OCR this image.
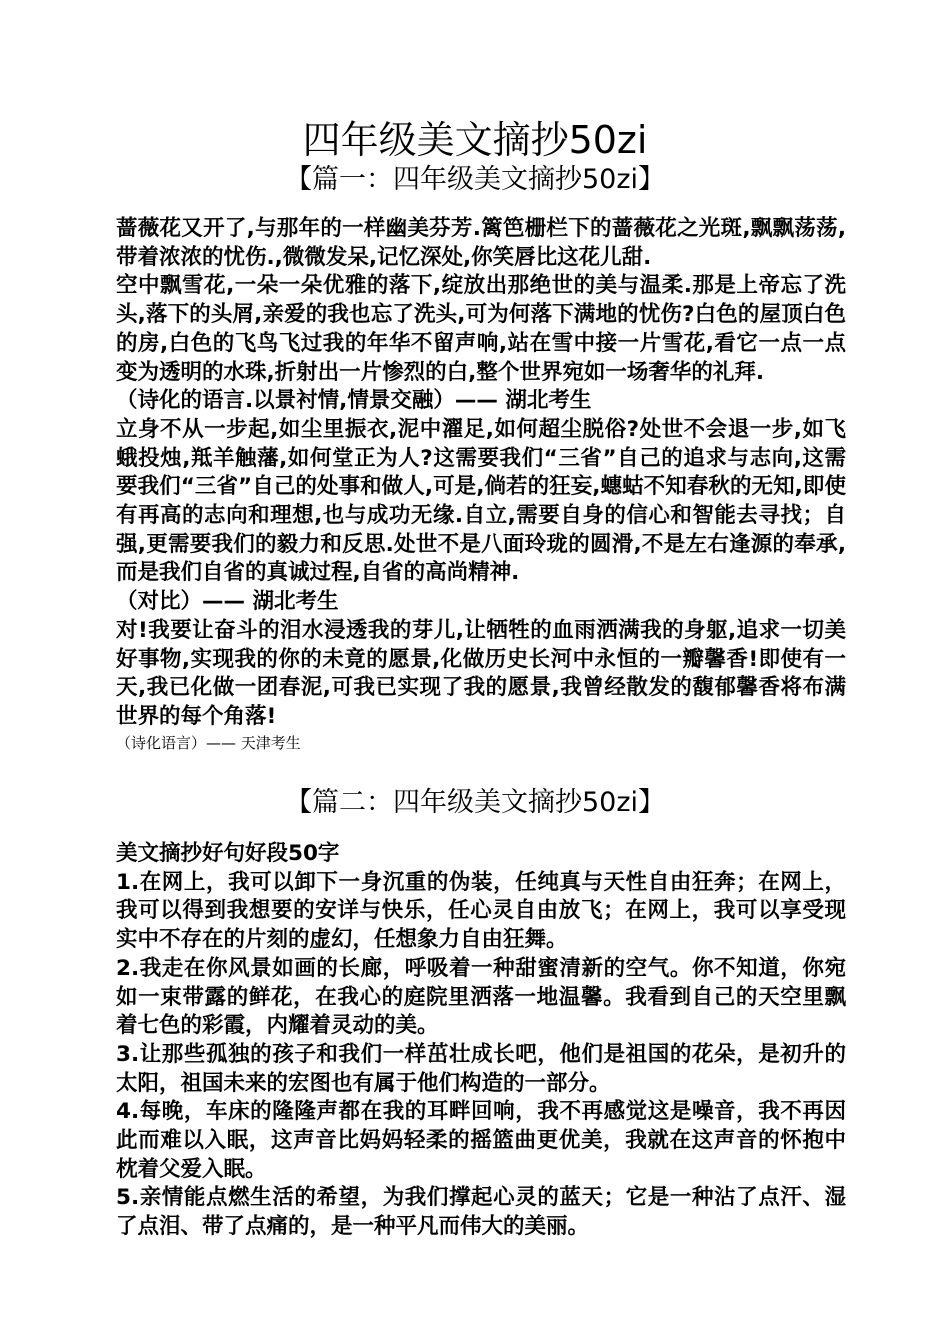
四年级美文摘抄50zi
【篇一：四年级美文摘抄50zi】

蔷薇花又开了,与那年的一样幽美芬芳.篱笆栅栏下的蔷薇花之光斑,飘飘荡荡,带着浓浓的忧伤.,微微发呆,记忆深处,你笑唇比这花儿甜.

空中飘雪花,一朵一朵优雅的落下,绽放出那绝世的美与温柔.那是上帝忘了洗头,落下的头屑,亲爱的我也忘了洗头,可为何落下满地的忧伤?白色的屋顶白色的房,白色的飞鸟飞过我的年华不留声响,站在雪中接一片雪花,看它一点一点变为透明的水珠,折射出一片惨烈的白,整个世界宛如一场奢华的礼拜.

（诗化的语言.以景衬情,情景交融）—— 湖北考生

立身不从一步起,如尘里振衣,泥中濯足,如何超尘脱俗?处世不会退一步,如飞蛾投烛,羝羊触藩,如何堂正为人?这需要我们“三省”自己的追求与志向,这需要我们“三省”自己的处事和做人,可是,倘若的狂妄,蟪蛄不知春秋的无知,即使有再高的志向和理想,也与成功无缘.自立,需要自身的信心和智能去寻找；自强,更需要我们的毅力和反思.处世不是八面玲珑的圆滑,不是左右逢源的奉承,而是我们自省的真诚过程,自省的高尚精神.

（对比）—— 湖北考生

对!我要让奋斗的泪水浸透我的芽儿,让牺牲的血雨洒满我的身躯,追求一切美好事物,实现我的你的未竟的愿景,化做历史长河中永恒的一瓣馨香!即使有一天,我已化做一团春泥,可我已实现了我的愿景,我曾经散发的馥郁馨香将布满世界的每个角落!

（诗化语言）—— 天津考生

【篇二：四年级美文摘抄50zi】

美文摘抄好句好段50字

1.在网上，我可以卸下一身沉重的伪装，任纯真与天性自由狂奔；在网上，我可以得到我想要的安详与快乐，任心灵自由放飞；在网上，我可以享受现实中不存在的片刻的虚幻，任想象力自由狂舞。

2.我走在你风景如画的长廊，呼吸着一种甜蜜清新的空气。你不知道，你宛如一束带露的鲜花，在我心的庭院里洒落一地温馨。我看到自己的天空里飘着七色的彩霞，内耀着灵动的美。

3.让那些孤独的孩子和我们一样茁壮成长吧，他们是祖国的花朵，是初升的太阳，祖国未来的宏图也有属于他们构造的一部分。

4.每晚，车床的隆隆声都在我的耳畔回响，我不再感觉这是噪音，我不再因此而难以入眠，这声音比妈妈轻柔的摇篮曲更优美，我就在这声音的怀抱中枕着父爱入眠。

5.亲情能点燃生活的希望，为我们撑起心灵的蓝天；它是一种沾了点汗、湿了点泪、带了点痛的，是一种平凡而伟大的美丽。
